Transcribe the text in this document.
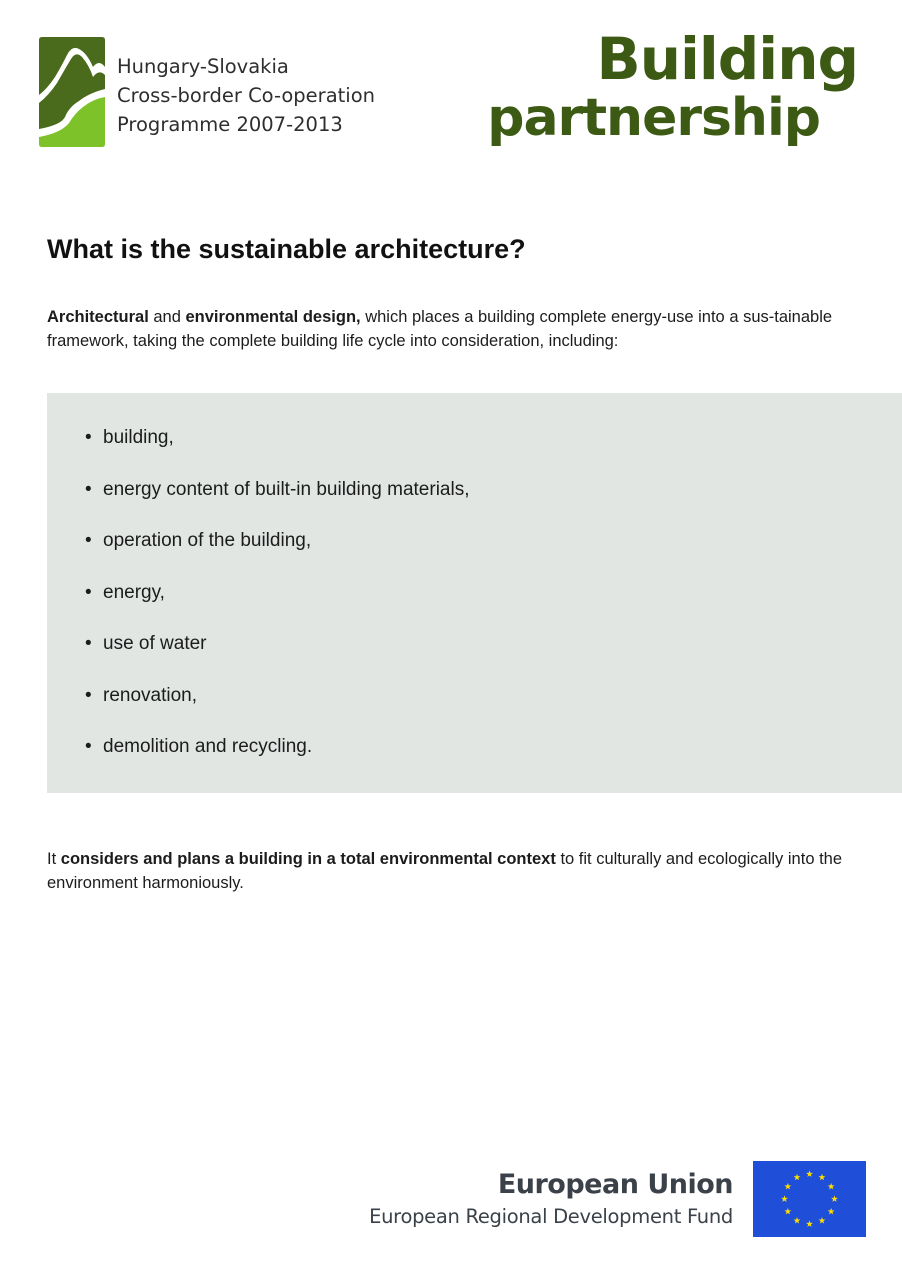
Hungary-Slovakia
Cross-border Co-operation
Programme 2007-2013
Building
partnership
What is the sustainable architecture?

Architectural and environmental design, which places a building complete energy-use into a sus-tainable framework, taking the complete building life cycle into consideration, including:

• building,
• energy content of built-in building materials,
• operation of the building,
• energy,
• use of water
• renovation,
• demolition and recycling.

It considers and plans a building in a total environmental context to fit culturally and ecologically into the environment harmoniously.

European Union
European Regional Development Fund
